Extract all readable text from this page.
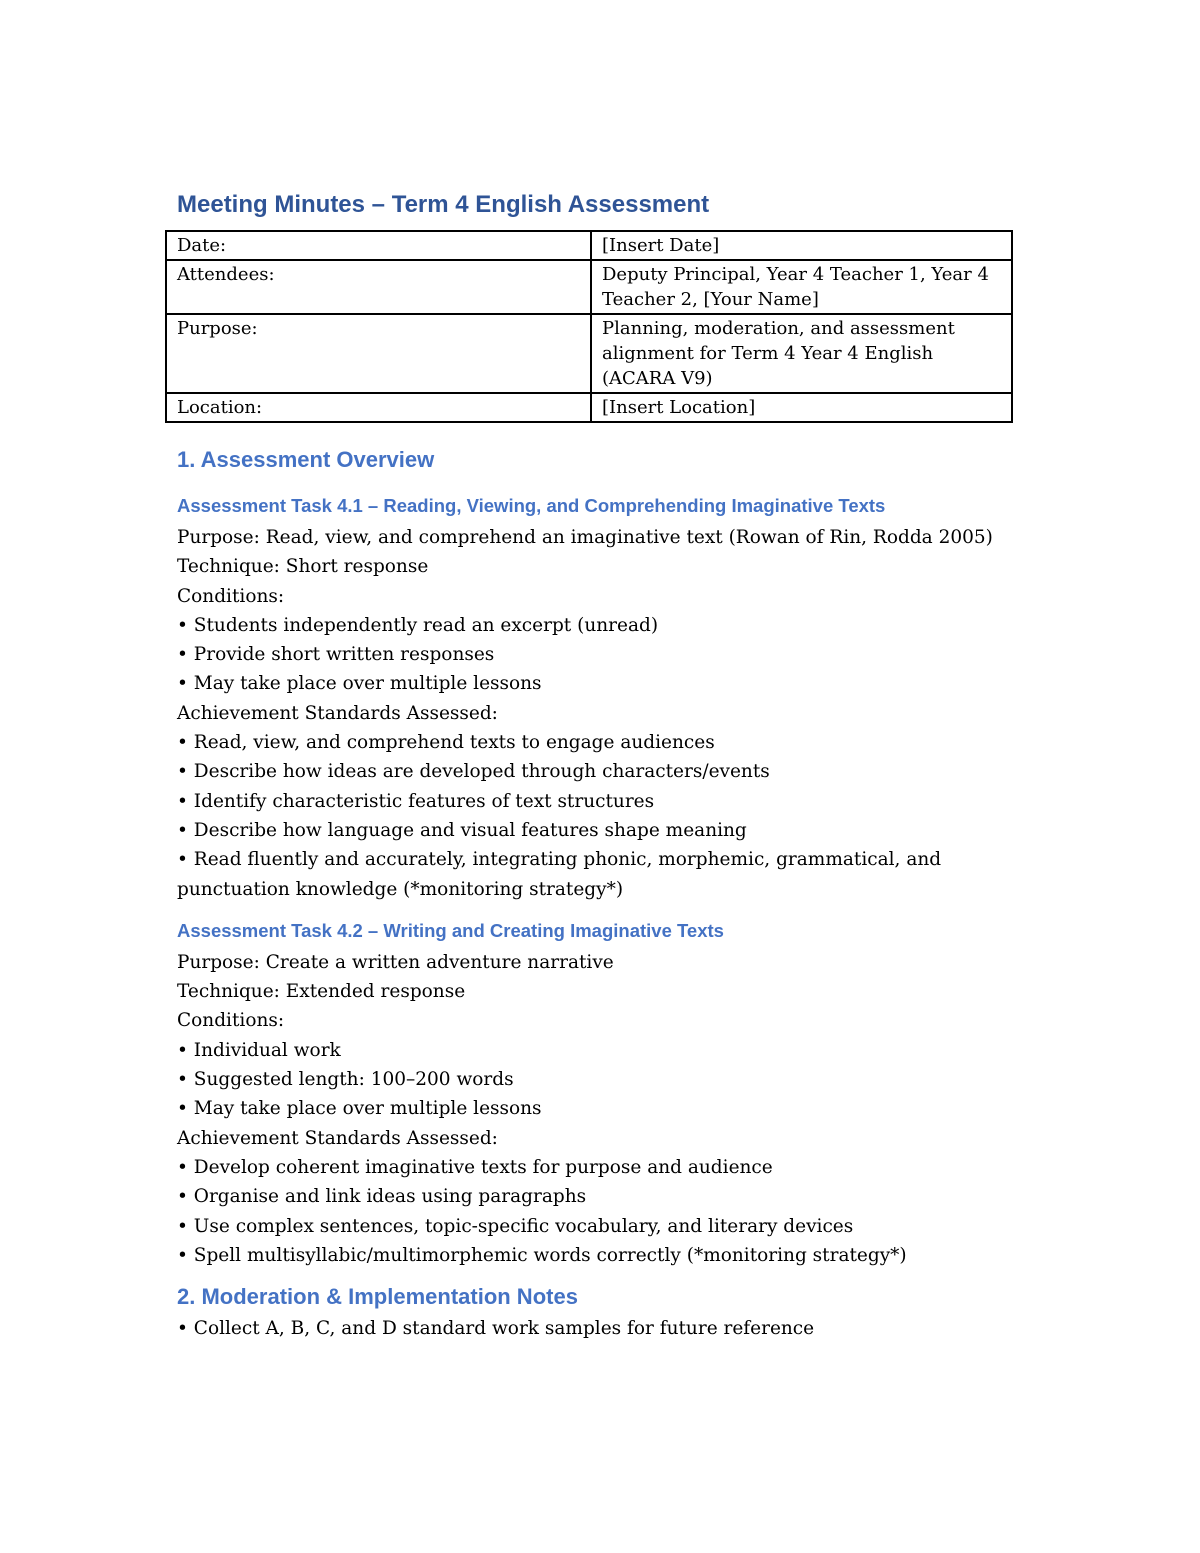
Meeting Minutes – Term 4 English Assessment
Date:	[Insert Date]
Attendees:	Deputy Principal, Year 4 Teacher 1, Year 4 Teacher 2, [Your Name]
Purpose:	Planning, moderation, and assessment alignment for Term 4 Year 4 English (ACARA V9)
Location:	[Insert Location]
1. Assessment Overview
Assessment Task 4.1 – Reading, Viewing, and Comprehending Imaginative Texts

Purpose: Read, view, and comprehend an imaginative text (Rowan of Rin, Rodda 2005)

Technique: Short response

Conditions:

• Students independently read an excerpt (unread)

• Provide short written responses

• May take place over multiple lessons

Achievement Standards Assessed:

• Read, view, and comprehend texts to engage audiences

• Describe how ideas are developed through characters/events

• Identify characteristic features of text structures

• Describe how language and visual features shape meaning

• Read fluently and accurately, integrating phonic, morphemic, grammatical, and punctuation knowledge (*monitoring strategy*)

Assessment Task 4.2 – Writing and Creating Imaginative Texts

Purpose: Create a written adventure narrative

Technique: Extended response

Conditions:

• Individual work

• Suggested length: 100–200 words

• May take place over multiple lessons

Achievement Standards Assessed:

• Develop coherent imaginative texts for purpose and audience

• Organise and link ideas using paragraphs

• Use complex sentences, topic-specific vocabulary, and literary devices

• Spell multisyllabic/multimorphemic words correctly (*monitoring strategy*)

2. Moderation & Implementation Notes

• Collect A, B, C, and D standard work samples for future reference
